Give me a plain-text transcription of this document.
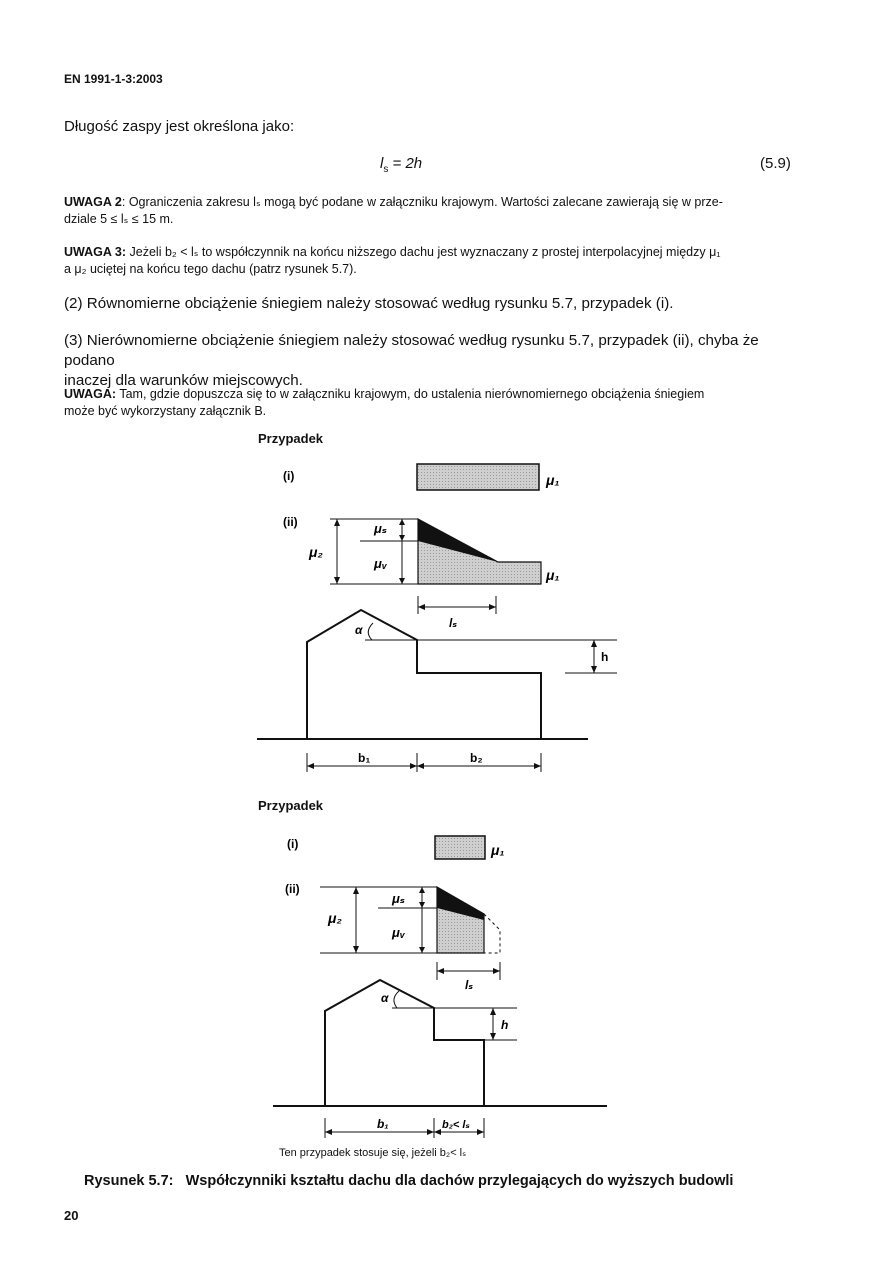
EN 1991-1-3:2003
Długość zaspy jest określona jako:
$l_s = 2h$	(5.9)
UWAGA 2: Ograniczenia zakresu lₛ mogą być podane w załączniku krajowym. Wartości zalecane zawierają się w prze-
dziale 5 ≤ lₛ ≤ 15 m.
UWAGA 3: Jeżeli b₂ < lₛ to współczynnik na końcu niższego dachu jest wyznaczany z prostej interpolacyjnej między μ₁
a μ₂ uciętej na końcu tego dachu (patrz rysunek 5.7).
(2) Równomierne obciążenie śniegiem należy stosować według rysunku 5.7, przypadek (i).
(3) Nierównomierne obciążenie śniegiem należy stosować według rysunku 5.7, przypadek (ii), chyba że podano
inaczej dla warunków miejscowych.
UWAGA: Tam, gdzie dopuszcza się to w załączniku krajowym, do ustalenia nierównomiernego obciążenia śniegiem
może być wykorzystany załącznik B.
Przypadek
(i)	μ₁
(ii)
μ₁
μ₂
μₛ
μᵥ
lₛ
α
h
b₁	b₂
(i)	μ₁
(ii)
μ₂
μₛ
μᵥ
lₛ
α
h
b₁	b₂< lₛ
Przypadek
Ten przypadek stosuje się, jeżeli b₂< lₛ
Rysunek 5.7: Współczynniki kształtu dachu dla dachów przylegających do wyższych budowli
20
